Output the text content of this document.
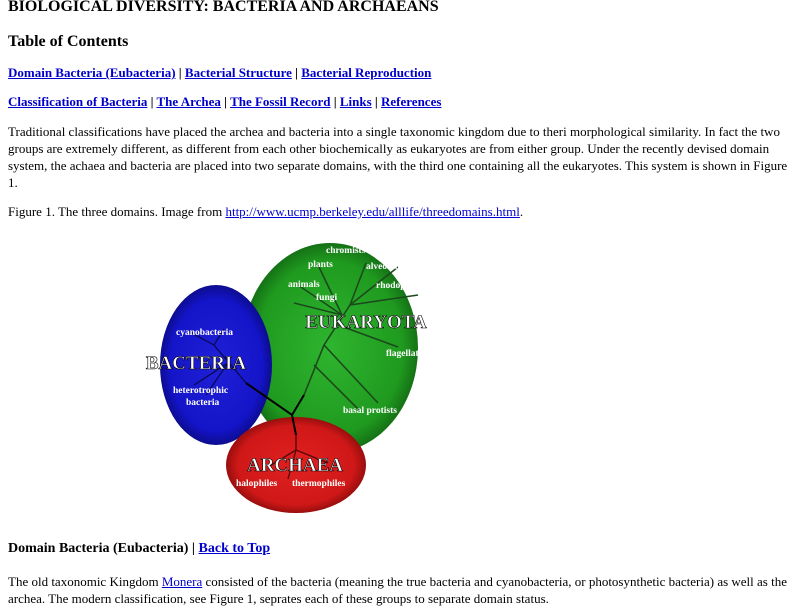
BIOLOGICAL DIVERSITY: BACTERIA AND ARCHAEANS
Table of Contents
Domain Bacteria (Eubacteria) | Bacterial Structure | Bacterial Reproduction
Classification of Bacteria | The Archea | The Fossil Record | Links | References

Traditional classifications have placed the archea and bacteria into a single taxonomic kingdom due to theri morphological similarity. In fact the two groups are extremely different, as different from each other biochemically as eukaryotes are from either group. Under the recently devised domain system, the achaea and bacteria are placed into two separate domains, with the third one containing all the eukaryotes. This system is shown in Figure 1.

Figure 1. The three domains. Image from http://www.ucmp.berkeley.edu/alllife/threedomains.html.
EUKARYOTA
BACTERIA
ARCHAEA
chromists
plants	alveolates
animals	rhodophytes
fungi
flagellates
basal protists
cyanobacteria
heterotrophic
bacteria
halophiles thermophiles
Domain Bacteria (Eubacteria) | Back to Top

The old taxonomic Kingdom Monera consisted of the bacteria (meaning the true bacteria and cyanobacteria, or photosynthetic bacteria) as well as the archea. The modern classification, see Figure 1, seprates each of these groups to separate domain status.
